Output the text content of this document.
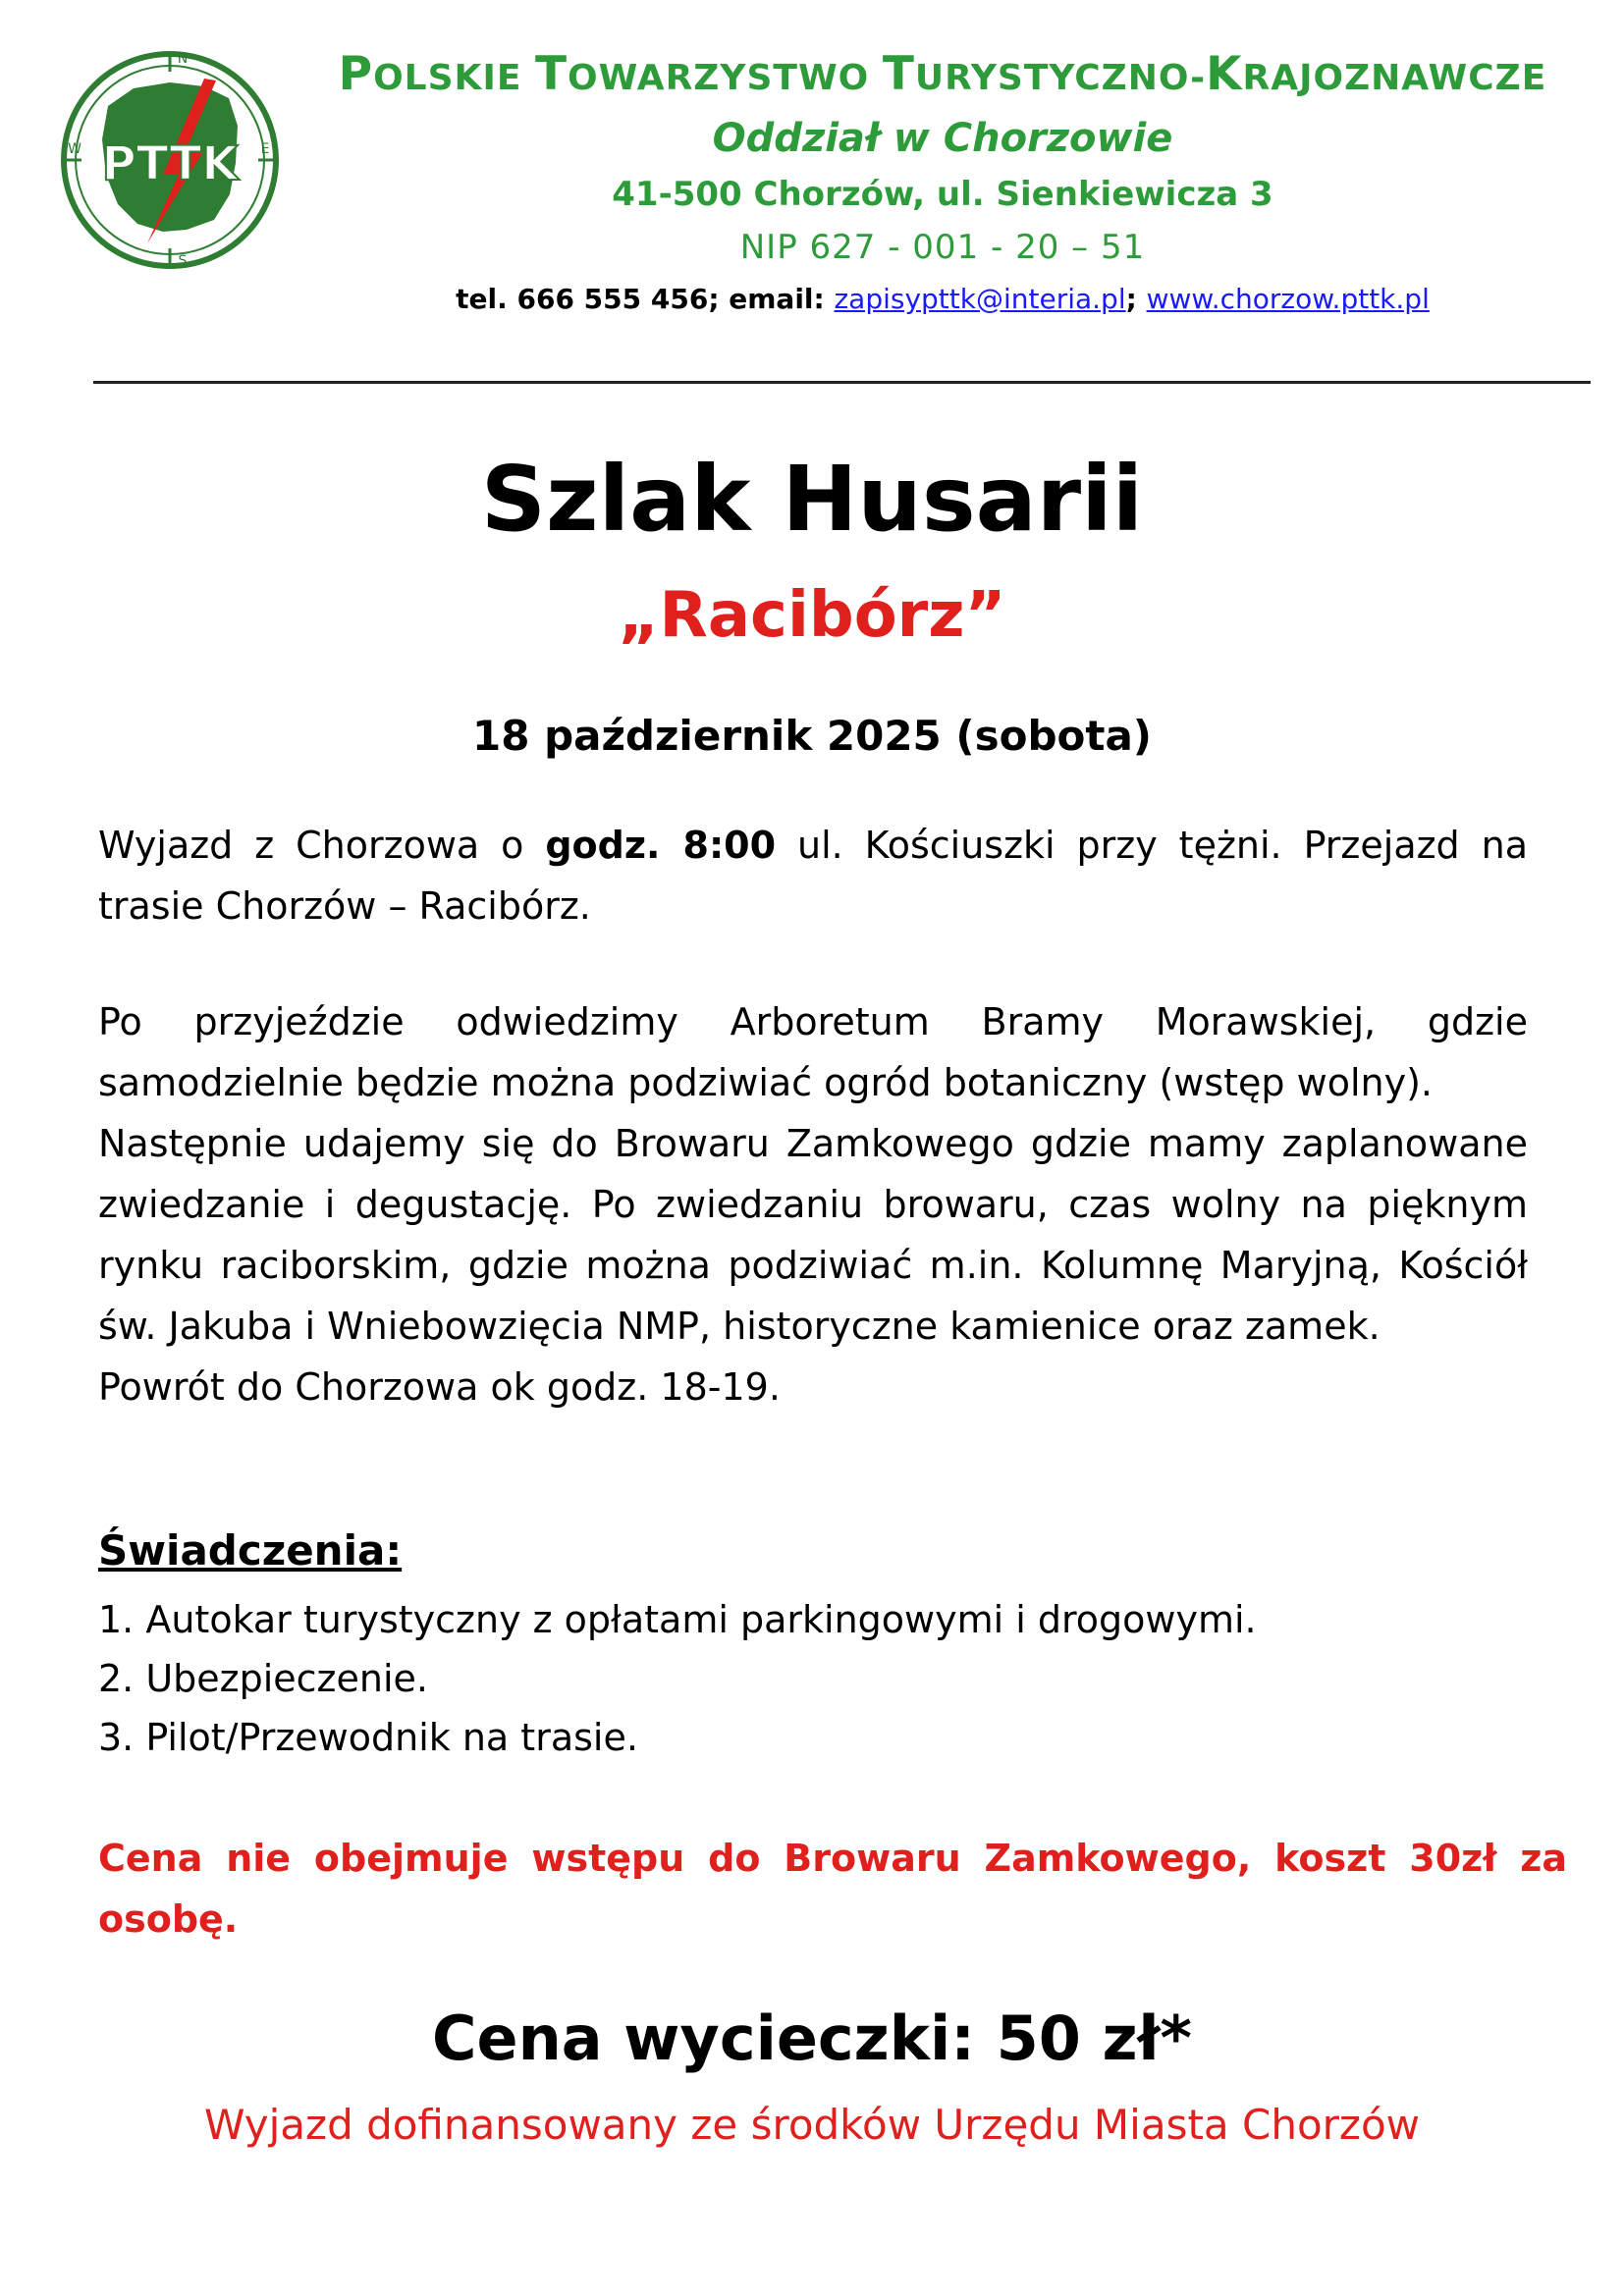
PTTK
N
S
E
W
POLSKIE TOWARZYSTWO TURYSTYCZNO-KRAJOZNAWCZE
Oddział w Chorzowie
41-500 Chorzów, ul. Sienkiewicza 3
NIP 627 - 001 - 20 – 51
tel. 666 555 456; email: zapisypttk@interia.pl; www.chorzow.pttk.pl
Szlak Husarii
„Racibórz”
18 październik 2025 (sobota)
Wyjazd z Chorzowa o godz. 8:00 ul. Kościuszki przy tężni. Przejazd na trasie Chorzów – Racibórz.
Po przyjeździe odwiedzimy Arboretum Bramy Morawskiej, gdzie samodzielnie będzie można podziwiać ogród botaniczny (wstęp wolny).
Następnie udajemy się do Browaru Zamkowego gdzie mamy zaplanowane zwiedzanie i degustację. Po zwiedzaniu browaru, czas wolny na pięknym rynku raciborskim, gdzie można podziwiać m.in. Kolumnę Maryjną, Kościół św. Jakuba i Wniebowzięcia NMP, historyczne kamienice oraz zamek.
Powrót do Chorzowa ok godz. 18-19.
Świadczenia:
1. Autokar turystyczny z opłatami parkingowymi i drogowymi.
2. Ubezpieczenie.
3. Pilot/Przewodnik na trasie.
Cena nie obejmuje wstępu do Browaru Zamkowego, koszt 30zł za osobę.
Cena wycieczki: 50 zł*
Wyjazd dofinansowany ze środków Urzędu Miasta Chorzów
